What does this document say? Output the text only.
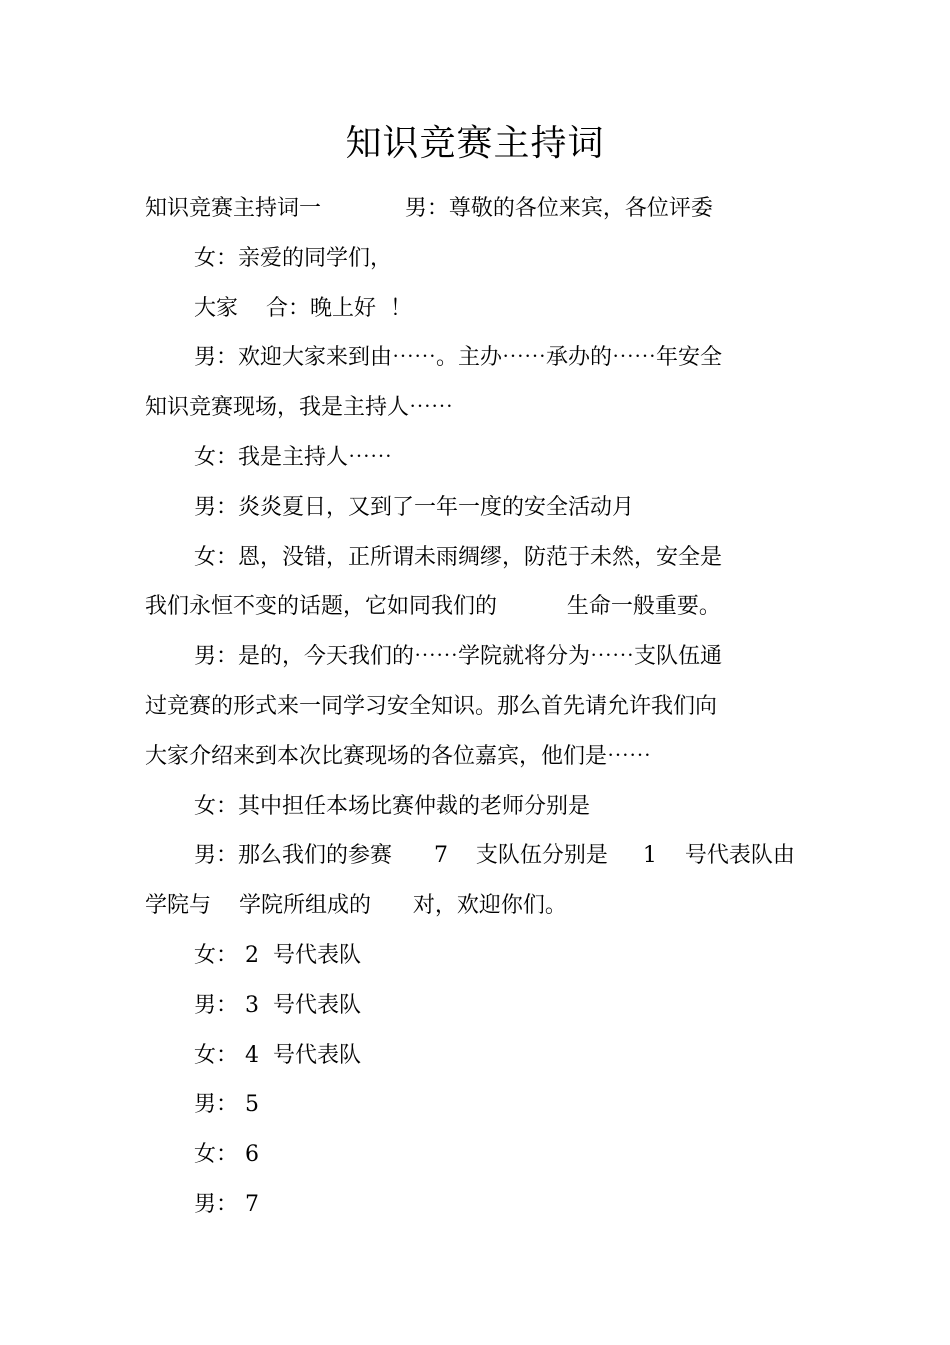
知识竞赛主持词
知识竞赛主持词一            男：尊敬的各位来宾，各位评委
女：亲爱的同学们，
大家    合：晚上好  ！
男：欢迎大家来到由⋯⋯。主办⋯⋯承办的⋯⋯年安全
知识竞赛现场，我是主持人⋯⋯
女：我是主持人⋯⋯
男：炎炎夏日，又到了一年一度的安全活动月
女：恩，没错，正所谓未雨绸缪，防范于未然，安全是
我们永恒不变的话题，它如同我们的          生命一般重要。
男：是的，今天我们的⋯⋯学院就将分为⋯⋯支队伍通
过竞赛的形式来一同学习安全知识。那么首先请允许我们向
大家介绍来到本次比赛现场的各位嘉宾，他们是⋯⋯
女：其中担任本场比赛仲裁的老师分别是
男：那么我们的参赛      7    支队伍分别是     1    号代表队由
学院与    学院所组成的      对，欢迎你们。
女： 2  号代表队
男： 3  号代表队
女： 4  号代表队
男： 5
女： 6
男： 7
